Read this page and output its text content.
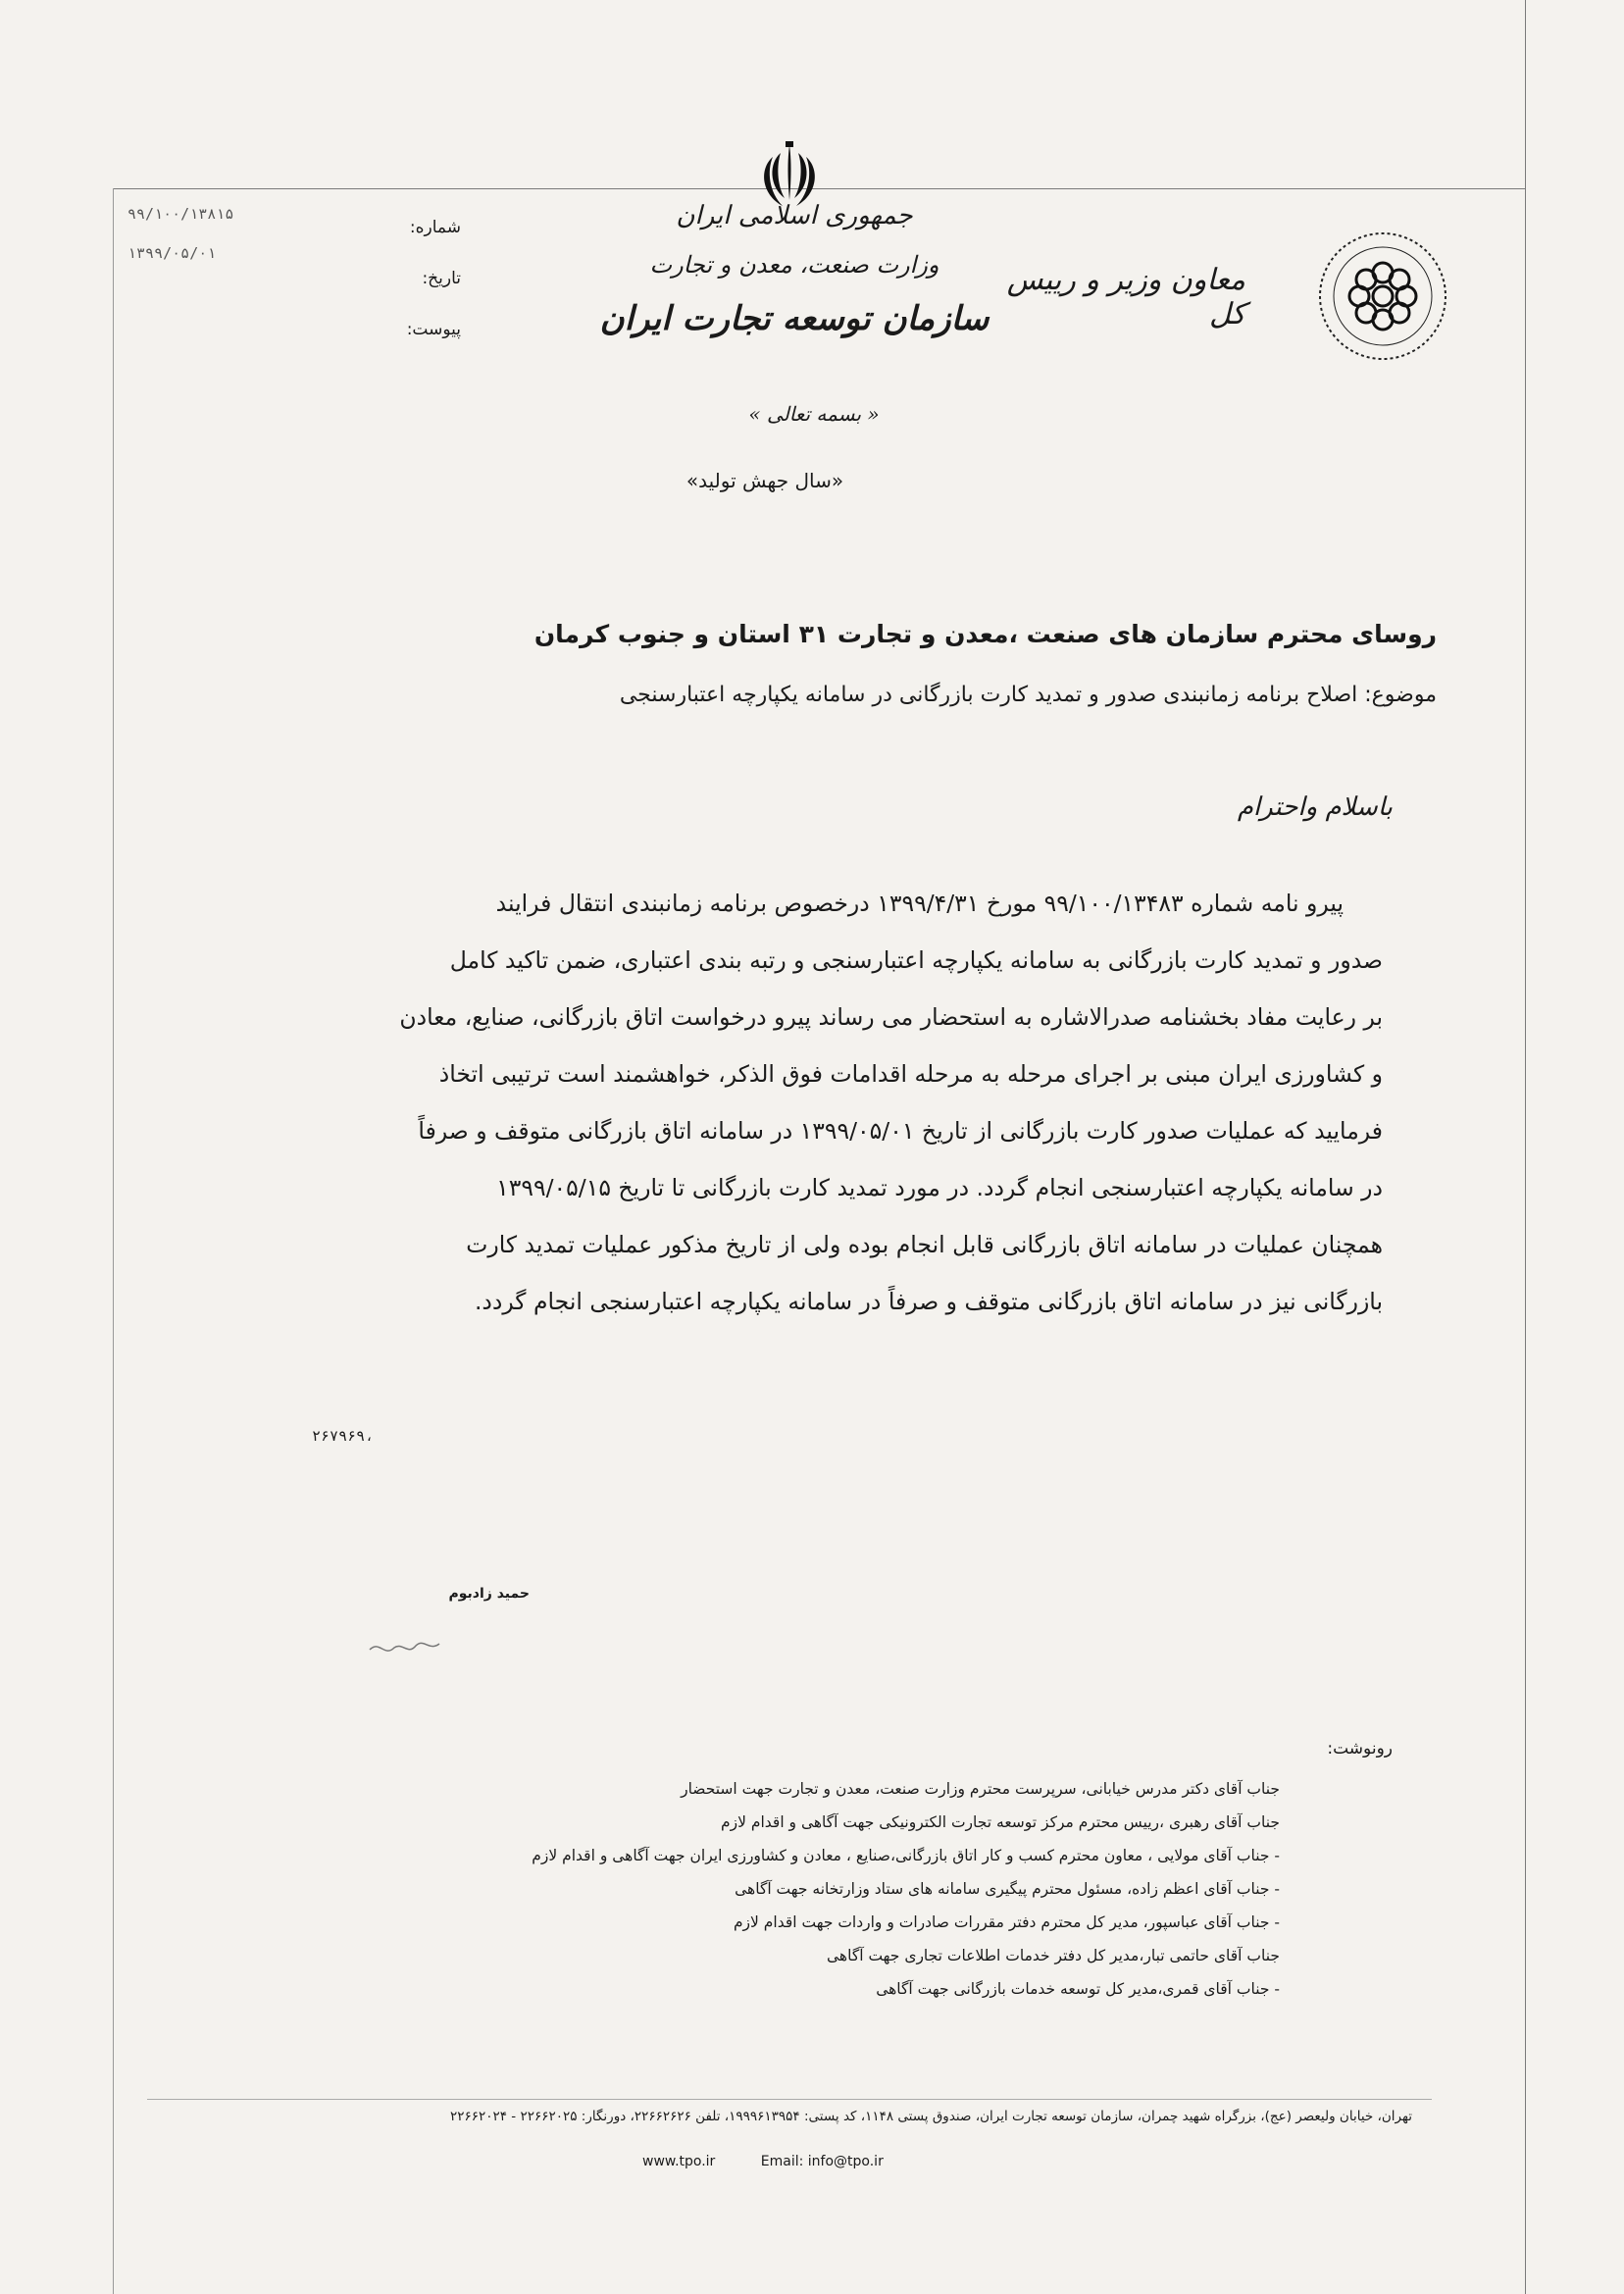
۹۹/۱۰۰/۱۳۸۱۵
۱۳۹۹/۰۵/۰۱
شماره:
تاریخ:
پیوست:
جمهوری اسلامی ایران
وزارت صنعت، معدن و تجارت
سازمان توسعه تجارت ایران
معاون وزیر و رییس کل
« بسمه تعالی »
«سال جهش تولید»
روسای محترم سازمان های صنعت ،معدن و تجارت ۳۱ استان و جنوب کرمان
موضوع: اصلاح برنامه زمانبندی صدور و تمدید کارت بازرگانی در سامانه یکپارچه اعتبارسنجی
باسلام واحترام
پیرو نامه شماره ۹۹/۱۰۰/۱۳۴۸۳ مورخ ۱۳۹۹/۴/۳۱ درخصوص برنامه زمانبندی انتقال فرایند
صدور و تمدید کارت بازرگانی به سامانه یکپارچه اعتبارسنجی و رتبه بندی اعتباری، ضمن تاکید کامل
بر رعایت مفاد بخشنامه صدرالاشاره به استحضار می رساند پیرو درخواست اتاق بازرگانی، صنایع، معادن
و کشاورزی ایران مبنی بر اجرای مرحله به مرحله اقدامات فوق الذکر، خواهشمند است ترتیبی اتخاذ
فرمایید که عملیات صدور کارت بازرگانی از تاریخ ۱۳۹۹/۰۵/۰۱ در سامانه اتاق بازرگانی متوقف و صرفاً
در سامانه یکپارچه اعتبارسنجی انجام گردد. در مورد تمدید کارت بازرگانی تا تاریخ ۱۳۹۹/۰۵/۱۵
همچنان عملیات در سامانه اتاق بازرگانی قابل انجام بوده ولی از تاریخ مذکور عملیات تمدید کارت
بازرگانی نیز در سامانه اتاق بازرگانی متوقف و صرفاً در سامانه یکپارچه اعتبارسنجی انجام گردد.
۲۶۷۹۶۹،
حمید زادبوم
رونوشت:
جناب آقای دکتر مدرس خیابانی، سرپرست محترم وزارت صنعت، معدن و تجارت جهت استحضار
جناب آقای رهبری ،رییس محترم مرکز توسعه تجارت الکترونیکی جهت آگاهی و اقدام لازم
- جناب آقای مولایی ، معاون محترم کسب و کار اتاق بازرگانی،صنایع ، معادن و کشاورزی ایران جهت آگاهی و اقدام لازم
- جناب آقای اعظم زاده، مسئول محترم پیگیری سامانه های ستاد وزارتخانه جهت آگاهی
- جناب آقای عباسپور، مدیر کل محترم دفتر مقررات صادرات و واردات جهت اقدام لازم
جناب آقای حاتمی تبار،مدیر کل دفتر خدمات اطلاعات تجاری جهت آگاهی
- جناب آقای قمری،مدیر کل توسعه خدمات بازرگانی جهت آگاهی
تهران، خیابان ولیعصر (عج)، بزرگراه شهید چمران، سازمان توسعه تجارت ایران، صندوق پستی ۱۱۴۸، کد پستی: ۱۹۹۹۶۱۳۹۵۴، تلفن ۲۲۶۶۲۶۲۶، دورنگار: ۲۲۶۶۲۰۲۵ - ۲۲۶۶۲۰۲۴
www.tpo.ir	Email: info@tpo.ir
